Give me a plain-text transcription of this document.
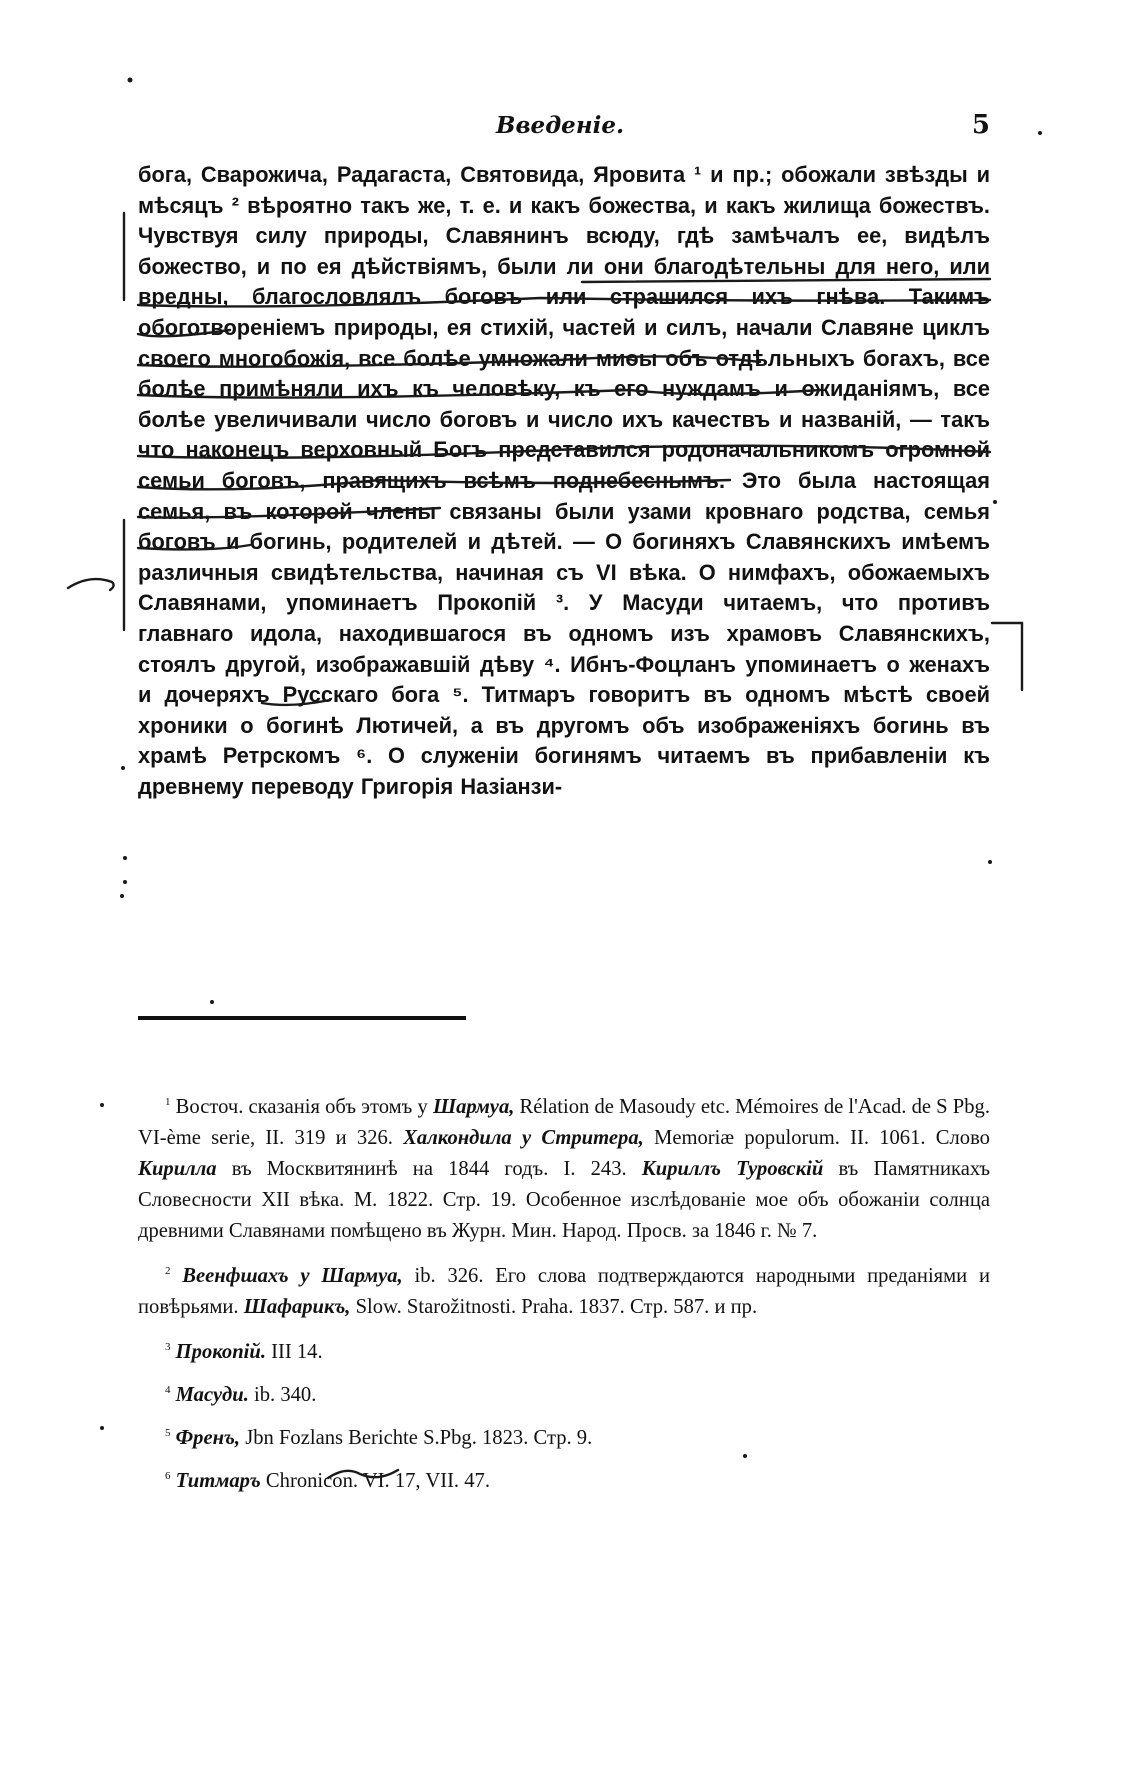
Введеніе.	5

бога, Сварожича, Радагаста, Святовида, Яровита ¹ и пр.; обожали звѣзды и мѣсяцъ ² вѣроятно такъ же, т. е. и какъ божества, и какъ жилища божествъ. Чувствуя силу природы, Славянинъ всюду, гдѣ замѣчалъ ее, видѣлъ божество, и по ея дѣйствіямъ, были ли они благодѣтельны для него, или вредны, благословлялъ боговъ или страшился ихъ гнѣва. Такимъ обоготвореніемъ природы, ея стихій, частей и силъ, начали Славяне циклъ своего многобожія, все болѣе умножали миѳы объ отдѣльныхъ богахъ, все болѣе примѣняли ихъ къ человѣку, къ его нуждамъ и ожиданіямъ, все болѣе увеличивали число боговъ и число ихъ качествъ и названій, — такъ что наконецъ верховный Богъ представился родоначальникомъ огромной семьи боговъ, правящихъ всѣмъ поднебеснымъ. Это была настоящая семья, въ которой члены связаны были узами кровнаго родства, семья боговъ и богинь, родителей и дѣтей. — О богиняхъ Славянскихъ имѣемъ различныя свидѣтельства, начиная съ VI вѣка. О нимфахъ, обожаемыхъ Славянами, упоминаетъ Прокопій ³. У Масуди читаемъ, что противъ главнаго идола, находившагося въ одномъ изъ храмовъ Славянскихъ, стоялъ другой, изображавшій дѣву ⁴. Ибнъ-Фоцланъ упоминаетъ о женахъ и дочеряхъ Русскаго бога ⁵. Титмаръ говоритъ въ одномъ мѣстѣ своей хроники о богинѣ Лютичей, а въ другомъ объ изображеніяхъ богинь въ храмѣ Ретрскомъ ⁶. О служеніи богинямъ читаемъ въ прибавленіи къ древнему переводу Григорія Назіанзи-

$^1$ Восточ. сказанія объ этомъ у Шармуа, Rélation de Masoudy etc. Mémoires de l'Acad. de S Pbg. VI-ème serie, II. 319 и 326. Халкондила у Стритера, Memoriæ populorum. II. 1061. Слово Кирилла въ Москвитянинѣ на 1844 годъ. I. 243. Кириллъ Туровскій въ Памятникахъ Словесности XII вѣка. М. 1822. Стр. 19. Особенное изслѣдованіе мое объ обожаніи солнца древними Славянами помѣщено въ Журн. Мин. Народ. Просв. за 1846 г. № 7.

$^2$ Веенфшахъ у Шармуа, ib. 326. Его слова подтверждаются народными преданіями и повѣрьями. Шафарикъ, Slow. Starožitnosti. Praha. 1837. Стр. 587. и пр.

$^3$ Прокопій. III 14.

$^4$ Масуди. ib. 340.

$^5$ Френъ, Jbn Fozlans Berichte S.Pbg. 1823. Стр. 9.

$^6$ Титмаръ Chronicon. VI. 17, VII. 47.
